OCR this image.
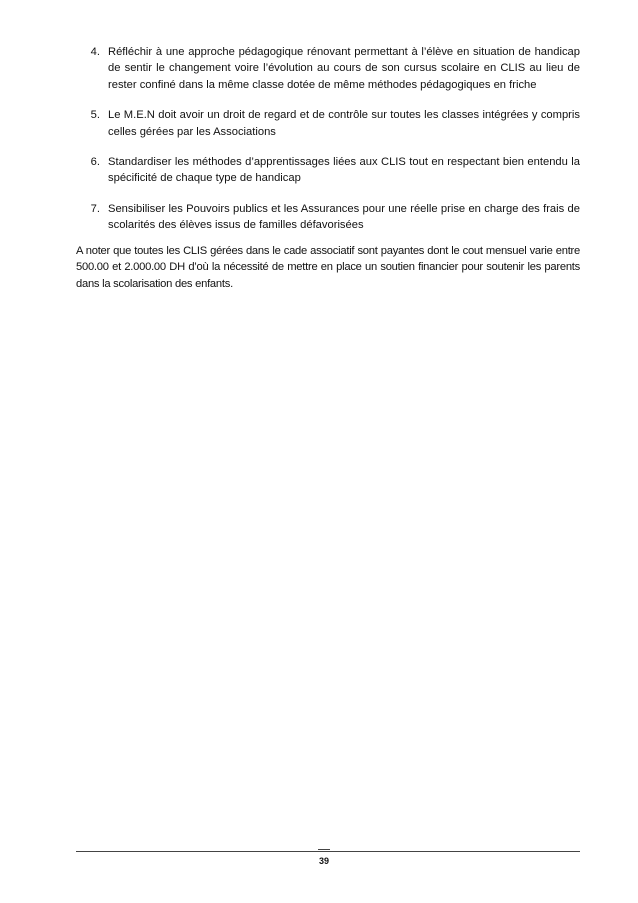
4. Réfléchir à une approche pédagogique rénovant permettant à l’élève en situation de handicap de sentir le changement voire l’évolution au cours de son cursus scolaire en CLIS au lieu de rester confiné dans la même classe dotée de même méthodes pédagogiques en friche
5. Le M.E.N doit avoir un droit de regard et de contrôle sur toutes les classes intégrées y compris celles gérées par les Associations
6. Standardiser les méthodes d’apprentissages liées aux CLIS tout en respectant bien entendu la spécificité de chaque type de handicap
7. Sensibiliser les Pouvoirs publics et les Assurances pour une réelle prise en charge des frais de scolarités des élèves issus de familles défavorisées

A noter que toutes les CLIS gérées dans le cade associatif sont payantes dont le cout mensuel varie entre 500.00 et 2.000.00 DH d’où la nécessité de mettre en place un soutien financier pour soutenir les parents dans la scolarisation des enfants.

39
